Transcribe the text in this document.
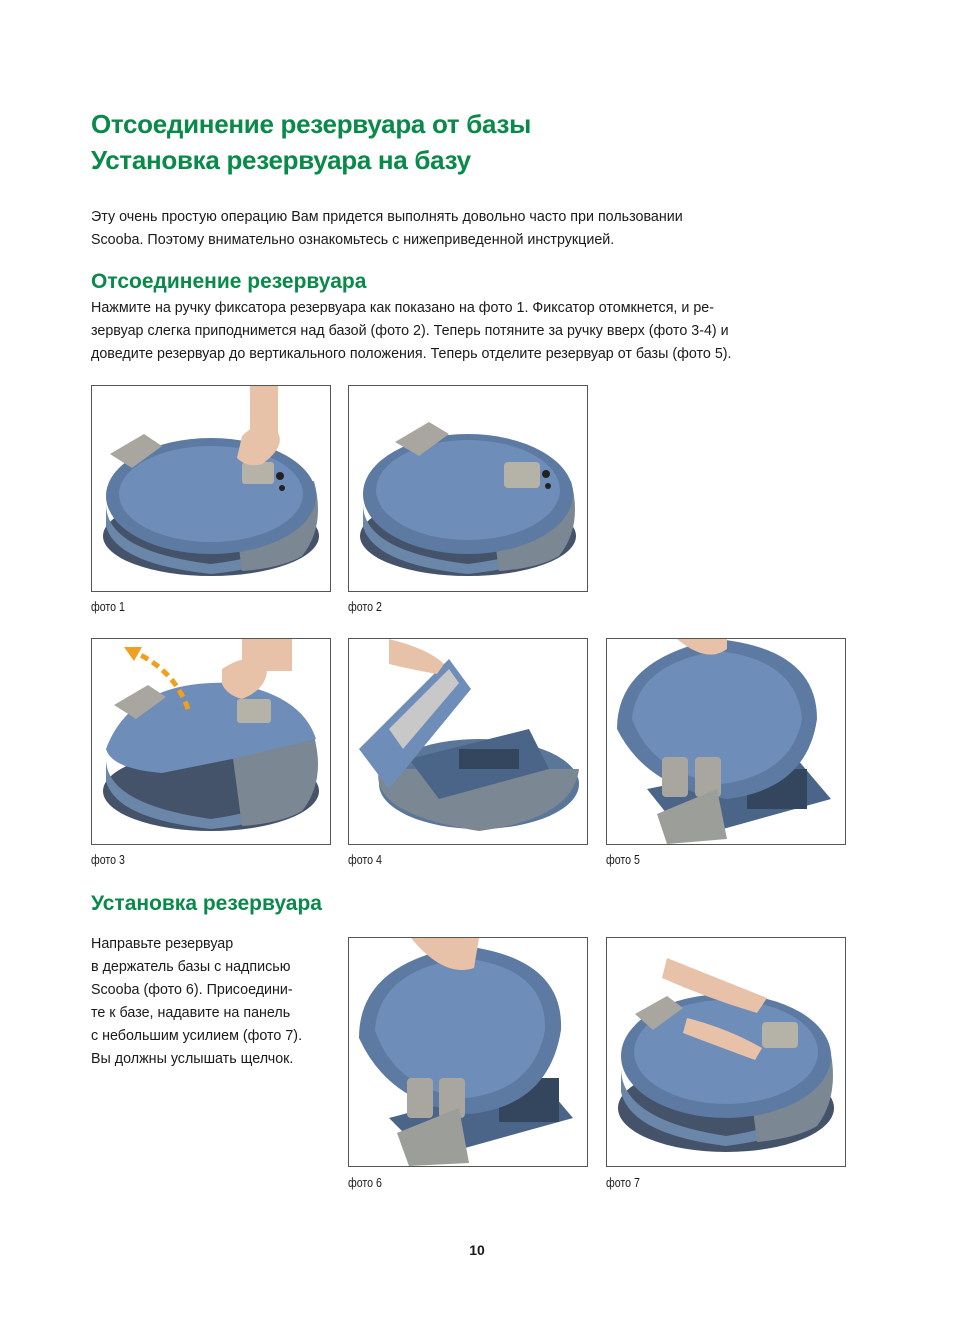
Отсоединение резервуара от базы
Установка резервуара на базу

Эту очень простую операцию Вам придется выполнять довольно часто при пользовании
Scooba. Поэтому внимательно ознакомьтесь с нижеприведенной инструкцией.

Отсоединение резервуара

Нажмите на ручку фиксатора резервуара как показано на фото 1. Фиксатор отомкнется, и ре-
зервуар слегка приподнимется над базой (фото 2). Теперь потяните за ручку вверх (фото 3-4) и
доведите резервуар до вертикального положения. Теперь отделите резервуар от базы (фото 5).

фото 1	фото 2
фото 3	фото 4	фото 5
Установка резервуара

Направьте резервуар
в держатель базы с надписью
Scooba (фото 6). Присоедини-
те к базе, надавите на панель
с небольшим усилием (фото 7).
Вы должны услышать щелчок.

фото 6	фото 7
10
